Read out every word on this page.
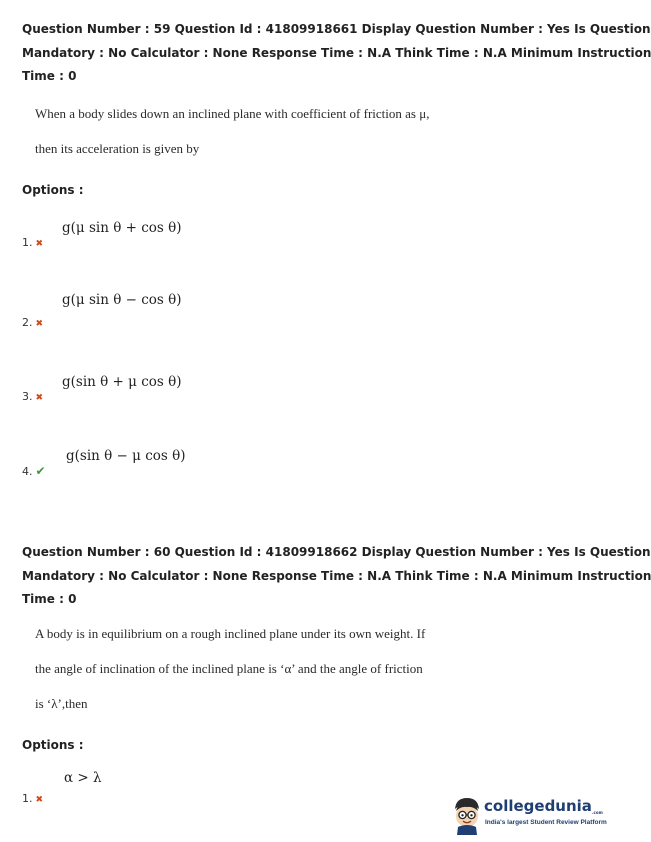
Question Number : 59 Question Id : 41809918661 Display Question Number : Yes Is Question
Mandatory : No Calculator : None Response Time : N.A Think Time : N.A Minimum Instruction
Time : 0
When a body slides down an inclined plane with coefficient of friction as μ,
then its acceleration is given by
Options :
g(μ sin θ + cos θ)
1. ✖
g(μ sin θ − cos θ)
2. ✖
g(sin θ + μ cos θ)
3. ✖
g(sin θ − μ cos θ)
4. ✔
Question Number : 60 Question Id : 41809918662 Display Question Number : Yes Is Question
Mandatory : No Calculator : None Response Time : N.A Think Time : N.A Minimum Instruction
Time : 0
A body is in equilibrium on a rough inclined plane under its own weight. If
the angle of inclination of the inclined plane is ‘α’ and the angle of friction
is ‘λ’,then
Options :
α > λ
1. ✖	collegedunia.com
India's largest Student Review Platform
